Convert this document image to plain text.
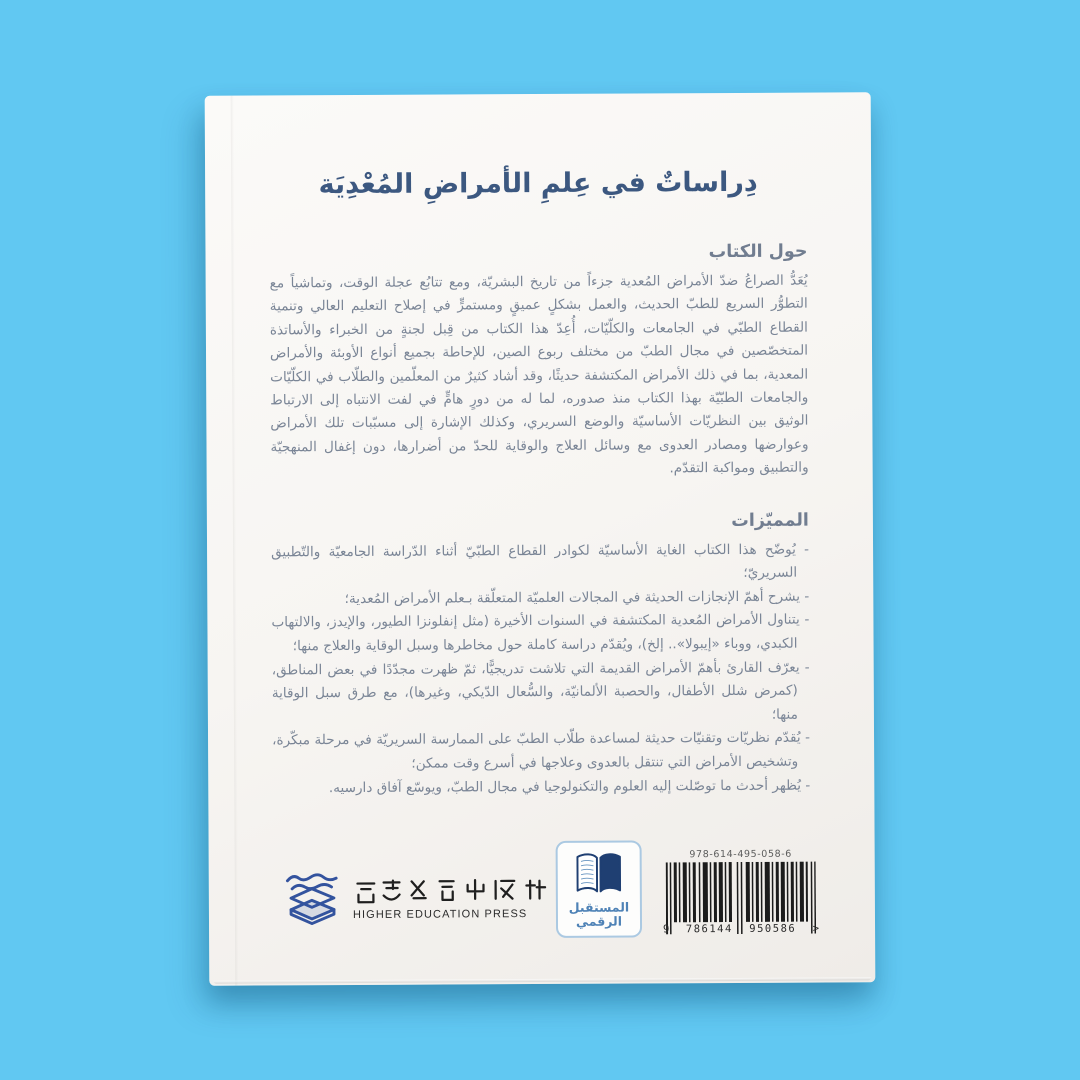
دِراساتٌ في عِلمِ الأمراضِ المُعْدِيَة
حول الكتاب

يُعَدُّ الصراعُ ضدّ الأمراض المُعدية جزءاً من تاريخ البشريّة، ومع تتابُع عجلة الوقت، وتماشياً مع التطوُّر السريع للطبّ الحديث، والعمل بشكلٍ عميقٍ ومستمرٍّ في إصلاح التعليم العالي وتنمية القطاع الطبّي في الجامعات والكلّيّات، أُعِدّ هذا الكتاب من قِبل لجنةٍ من الخبراء والأساتذة المتخصّصين في مجال الطبّ من مختلف ربوع الصين، للإحاطة بجميع أنواع الأوبئة والأمراض المعدية، بما في ذلك الأمراض المكتشفة حديثًا، وقد أشاد كثيرٌ من المعلّمين والطلّاب في الكلّيّات والجامعات الطبّيّة بهذا الكتاب منذ صدوره، لما له من دورٍ هامٍّ في لفت الانتباه إلى الارتباط الوثيق بين النظريّات الأساسيّة والوضع السريري، وكذلك الإشارة إلى مسبّبات تلك الأمراض وعوارضها ومصادر العدوى مع وسائل العلاج والوقاية للحدّ من أضرارها، دون إغفال المنهجيّة والتطبيق ومواكبة التقدّم.

المميّزات
- يُوضّح هذا الكتاب الغاية الأساسيّة لكوادر القطاع الطبّيّ أثناء الدّراسة الجامعيّة والتّطبيق السريريّ؛
- يشرح أهمّ الإنجازات الحديثة في المجالات العلميّة المتعلّقة بـعلم الأمراض المُعدية؛
- يتناول الأمراض المُعدية المكتشفة في السنوات الأخيرة (مثل إنفلونزا الطيور، والإيدز، والالتهاب الكبدي، ووباء «إيبولا».. إلخ)، ويُقدّم دراسة كاملة حول مخاطرها وسبل الوقاية والعلاج منها؛
- يعرّف القارئ بأهمّ الأمراض القديمة التي تلاشت تدريجيًّا، ثمّ ظهرت مجدّدًا في بعض المناطق، (كمرض شلل الأطفال، والحصبة الألمانيّة، والسُّعال الدّيكي، وغيرها)، مع طرق سبل الوقاية منها؛
- يُقدّم نظريّات وتقنيّات حديثة لمساعدة طلّاب الطبّ على الممارسة السريريّة في مرحلة مبكّرة، وتشخيص الأمراض التي تنتقل بالعدوى وعلاجها في أسرع وقت ممكن؛
- يُظهر أحدث ما توصّلت إليه العلوم والتكنولوجيا في مجال الطبّ، ويوسّع آفاق دارسيه.
HIGHER EDUCATION PRESS	المستقبل
الرقمي
978-614-495-058-6
9 786144 950586 >
